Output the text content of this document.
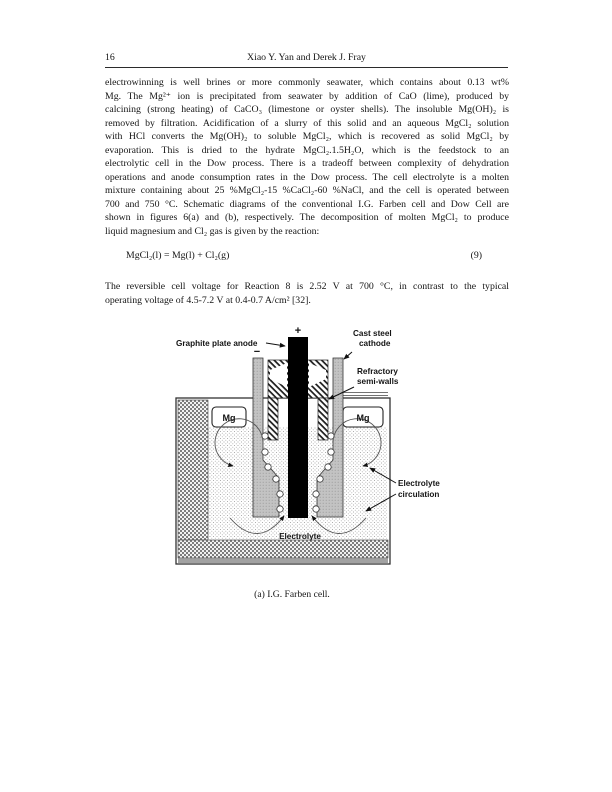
16	Xiao Y. Yan and Derek J. Fray
electrowinning is well brines or more commonly seawater, which contains about 0.13 wt%
Mg. The Mg²⁺ ion is precipitated from seawater by addition of CaO (lime), produced by
calcining (strong heating) of CaCO₃ (limestone or oyster shells). The insoluble Mg(OH)₂ is
removed by filtration. Acidification of a slurry of this solid and an aqueous MgCl₂ solution
with HCl converts the Mg(OH)₂ to soluble MgCl₂, which is recovered as solid MgCl₂ by
evaporation. This is dried to the hydrate MgCl₂.1.5H₂O, which is the feedstock to an
electrolytic cell in the Dow process. There is a tradeoff between complexity of dehydration
operations and anode consumption rates in the Dow process. The cell electrolyte is a molten
mixture containing about 25 %MgCl₂-15 %CaCl₂-60 %NaCl, and the cell is operated between
700 and 750 °C. Schematic diagrams of the conventional I.G. Farben cell and Dow Cell are
shown in figures 6(a) and (b), respectively. The decomposition of molten MgCl₂ to produce
liquid magnesium and Cl₂ gas is given by the reaction:
MgCl₂(l) = Mg(l) + Cl₂(g)	(9)
The reversible cell voltage for Reaction 8 is 2.52 V at 700 °C, in contrast to the typical
operating voltage of 4.5-7.2 V at 0.4-0.7 A/cm² [32].
+
−
Graphite plate anode
Cast steel
cathode
Refractory
semi-walls
Mg	Mg
Electrolyte
circulation
Electrolyte
(a) I.G. Farben cell.
